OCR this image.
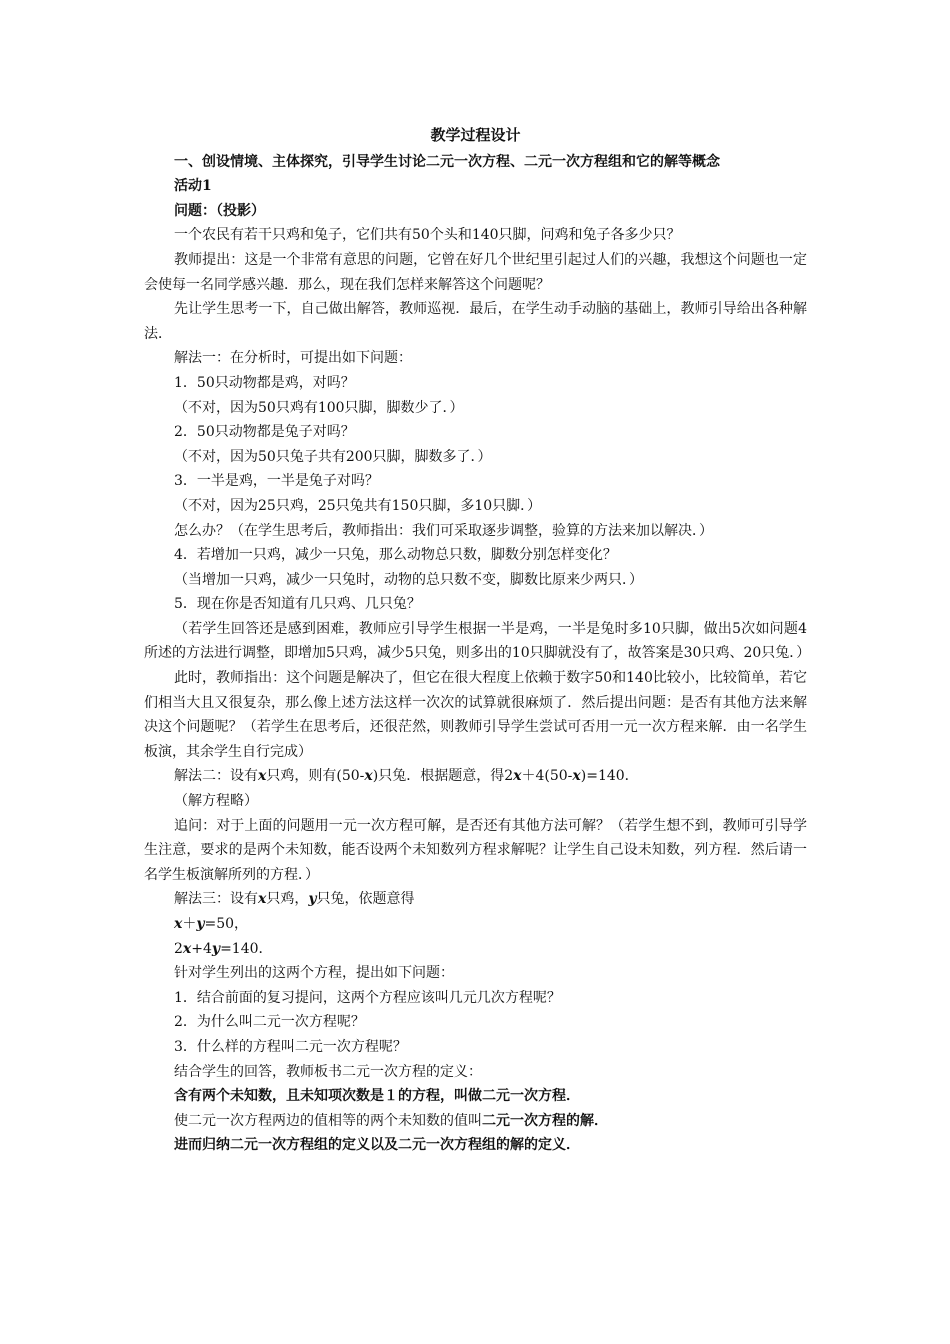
教学过程设计

一、创设情境、主体探究，引导学生讨论二元一次方程、二元一次方程组和它的解等概念

活动1

问题：（投影）

一个农民有若干只鸡和兔子，它们共有50个头和140只脚，问鸡和兔子各多少只？

教师提出：这是一个非常有意思的问题，它曾在好几个世纪里引起过人们的兴趣，我想这个问题也一定会使每一名同学感兴趣．那么，现在我们怎样来解答这个问题呢？

先让学生思考一下，自己做出解答，教师巡视．最后，在学生动手动脑的基础上，教师引导给出各种解法．

解法一：在分析时，可提出如下问题：

1．50只动物都是鸡，对吗？

（不对，因为50只鸡有100只脚，脚数少了．）

2．50只动物都是兔子对吗？

（不对，因为50只兔子共有200只脚，脚数多了．）

3．一半是鸡，一半是兔子对吗？

（不对，因为25只鸡，25只兔共有150只脚，多10只脚．）

怎么办？（在学生思考后，教师指出：我们可采取逐步调整，验算的方法来加以解决．）

4．若增加一只鸡，减少一只兔，那么动物总只数，脚数分别怎样变化？

（当增加一只鸡，减少一只兔时，动物的总只数不变，脚数比原来少两只．）

5．现在你是否知道有几只鸡、几只兔？

（若学生回答还是感到困难，教师应引导学生根据一半是鸡，一半是兔时多10只脚，做出5次如问题4所述的方法进行调整，即增加5只鸡，减少5只兔，则多出的10只脚就没有了，故答案是30只鸡、20只兔．）

此时，教师指出：这个问题是解决了，但它在很大程度上依赖于数字50和140比较小，比较简单，若它们相当大且又很复杂，那么像上述方法这样一次次的试算就很麻烦了．然后提出问题：是否有其他方法来解决这个问题呢？（若学生在思考后，还很茫然，则教师引导学生尝试可否用一元一次方程来解．由一名学生板演，其余学生自行完成）

解法二：设有x只鸡，则有(50-x)只兔．根据题意，得2x＋4(50-x)=140．

（解方程略）

追问：对于上面的问题用一元一次方程可解，是否还有其他方法可解？（若学生想不到，教师可引导学生注意，要求的是两个未知数，能否设两个未知数列方程求解呢？让学生自己设未知数，列方程．然后请一名学生板演解所列的方程．）

解法三：设有x只鸡，y只兔，依题意得

x＋y=50，

2x+4y=140．

针对学生列出的这两个方程，提出如下问题：

1．结合前面的复习提问，这两个方程应该叫几元几次方程呢？

2．为什么叫二元一次方程呢？

3．什么样的方程叫二元一次方程呢？

结合学生的回答，教师板书二元一次方程的定义：

含有两个未知数，且未知项次数是１的方程，叫做二元一次方程．

使二元一次方程两边的值相等的两个未知数的值叫二元一次方程的解．

进而归纳二元一次方程组的定义以及二元一次方程组的解的定义．
